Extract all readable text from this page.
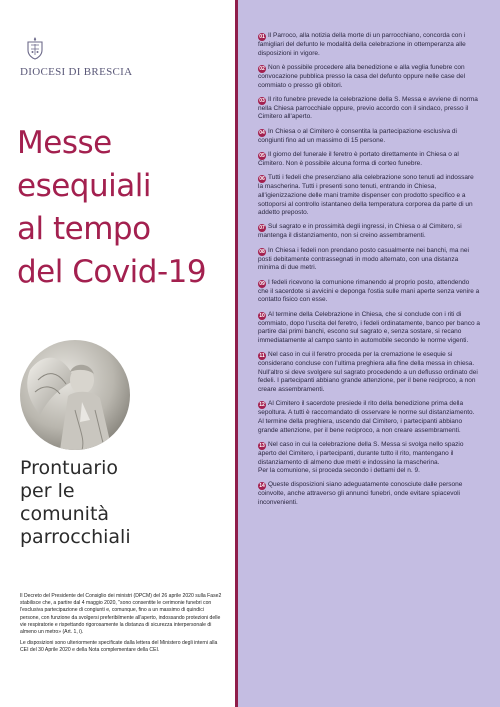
DIOCESI DI BRESCIA
Messe
esequiali
al tempo
del Covid-19
Prontuario
per le
comunità
parrocchiali

Il Decreto del Presidente del Consiglio dei ministri (DPCM) del 26 aprile 2020 sulla Fase2 stabilisce che, a partire dal 4 maggio 2020, "sono consentite le cerimonie funebri con l'esclusiva partecipazione di congiunti e, comunque, fino a un massimo di quindici persone, con funzione da svolgersi preferibilmente all'aperto, indossando protezioni delle vie respiratorie e rispettando rigorosamente la distanza di sicurezza interpersonale di almeno un metro» (Art. 1, i).

Le disposizioni sono ulteriormente specificate dalla lettera del Ministero degli interni alla CEI del 30 Aprile 2020 e della Nota complementare della CEI.

01 Il Parroco, alla notizia della morte di un parrocchiano, concorda con i famigliari del defunto le modalità della celebrazione in ottemperanza alle disposizioni in vigore.
02 Non è possibile procedere alla benedizione e alla veglia funebre con convocazione pubblica presso la casa del defunto oppure nelle case del commiato o presso gli obitori.
03 Il rito funebre prevede la celebrazione della S. Messa e avviene di norma nella Chiesa parrocchiale oppure, previo accordo con il sindaco, presso il Cimitero all'aperto.
04 In Chiesa o al Cimitero è consentita la partecipazione esclusiva di congiunti fino ad un massimo di 15 persone.
05 Il giorno del funerale il feretro è portato direttamente in Chiesa o al Cimitero. Non è possibile alcuna forma di corteo funebre.
06 Tutti i fedeli che presenziano alla celebrazione sono tenuti ad indossare la mascherina. Tutti i presenti sono tenuti, entrando in Chiesa, all'igienizzazione delle mani tramite dispenser con prodotto specifico e a sottoporsi al controllo istantaneo della temperatura corporea da parte di un addetto preposto.
07 Sul sagrato e in prossimità degli ingressi, in Chiesa o al Cimitero, si mantenga il distanziamento, non si creino assembramenti.
08 In Chiesa i fedeli non prendano posto casualmente nei banchi, ma nei posti debitamente contrassegnati in modo alternato, con una distanza minima di due metri.
09 I fedeli ricevono la comunione rimanendo al proprio posto, attendendo che il sacerdote si avvicini e deponga l'ostia sulle mani aperte senza venire a contatto fisico con esse.
10 Al termine della Celebrazione in Chiesa, che si conclude con i riti di commiato, dopo l'uscita del feretro, i fedeli ordinatamente, banco per banco a partire dai primi banchi, escono sul sagrato e, senza sostare, si recano immediatamente al campo santo in automobile secondo le norme vigenti.
11 Nel caso in cui il feretro proceda per la cremazione le esequie si considerano concluse con l'ultima preghiera alla fine della messa in chiesa. Null'altro si deve svolgere sul sagrato procedendo a un deflusso ordinato dei fedeli. I partecipanti abbiano grande attenzione, per il bene reciproco, a non creare assembramenti.
12 Al Cimitero il sacerdote presiede il rito della benedizione prima della sepoltura. A tutti è raccomandato di osservare le norme sul distanziamento. Al termine della preghiera, uscendo dal Cimitero, i partecipanti abbiano grande attenzione, per il bene reciproco, a non creare assembramenti.
13 Nel caso in cui la celebrazione della S. Messa si svolga nello spazio aperto del Cimitero, i partecipanti, durante tutto il rito, mantengano il distanziamento di almeno due metri e indossino la mascherina.
Per la comunione, si proceda secondo i dettami del n. 9.
14 Queste disposizioni siano adeguatamente conosciute dalle persone coinvolte, anche attraverso gli annunci funebri, onde evitare spiacevoli inconvenienti.
